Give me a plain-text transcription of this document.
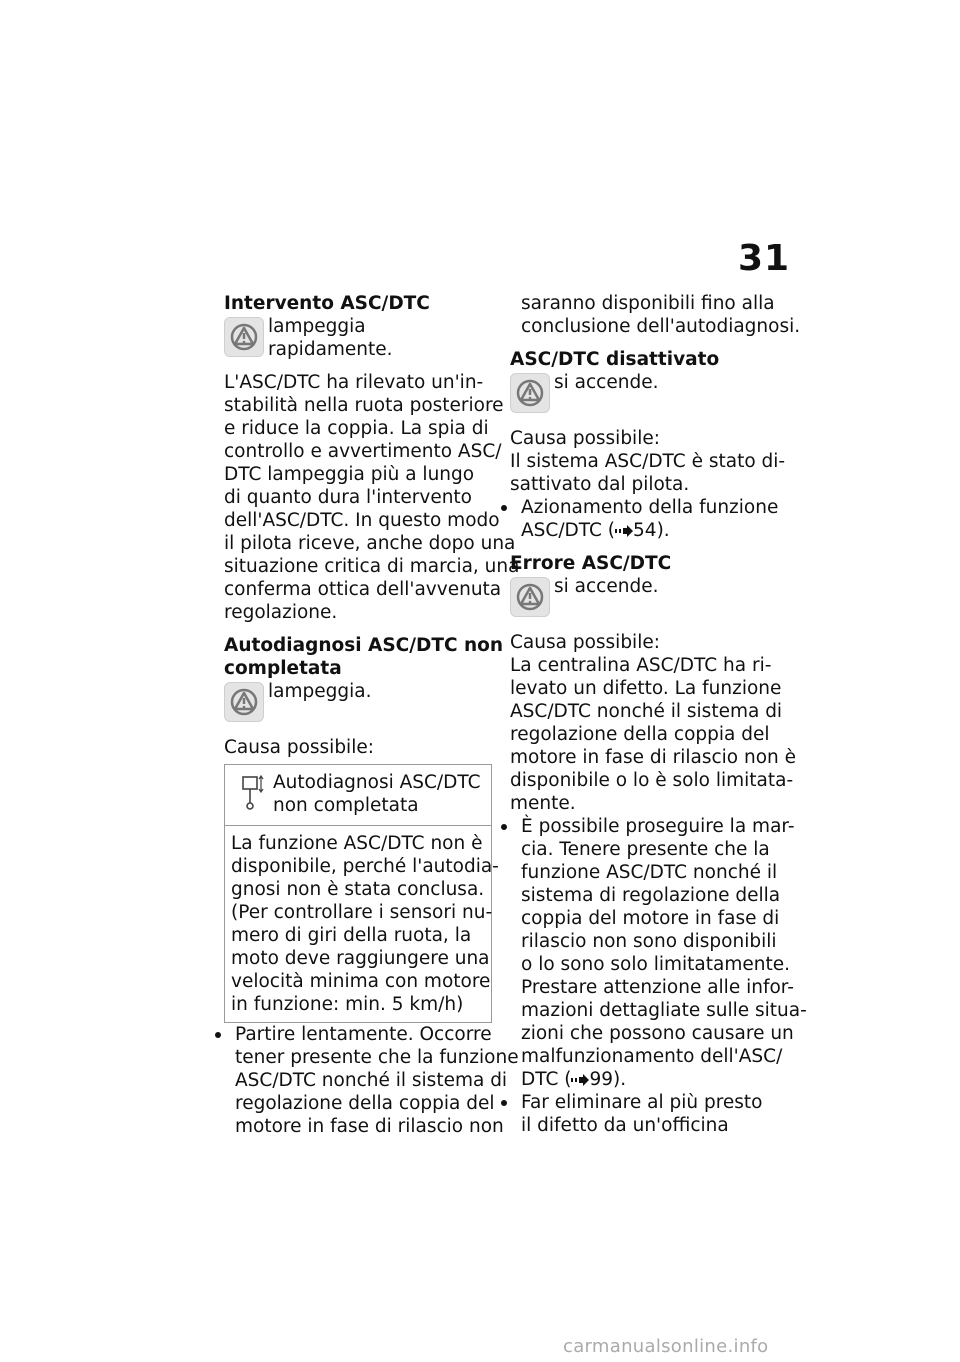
31
Intervento ASC/DTC
lampeggia rapidamente.
L'ASC/DTC ha rilevato un'in-
stabilità nella ruota posteriore
e riduce la coppia. La spia di
controllo e avvertimento ASC/
DTC lampeggia più a lungo
di quanto dura l'intervento
dell'ASC/DTC. In questo modo
il pilota riceve, anche dopo una
situazione critica di marcia, una
conferma ottica dell'avvenuta
regolazione.
Autodiagnosi ASC/DTC non
completata
lampeggia.
Causa possibile:
Autodiagnosi ASC/DTC
non completata
La funzione ASC/DTC non è
disponibile, perché l'autodia-
gnosi non è stata conclusa.
(Per controllare i sensori nu-
mero di giri della ruota, la
moto deve raggiungere una
velocità minima con motore
in funzione: min. 5 km/h)
Partire lentamente. Occorre
tener presente che la funzione
ASC/DTC nonché il sistema di
regolazione della coppia del
motore in fase di rilascio non
saranno disponibili fino alla
conclusione dell'autodiagnosi.
ASC/DTC disattivato
si accende.
Causa possibile:
Il sistema ASC/DTC è stato di-
sattivato dal pilota.
Azionamento della funzione
ASC/DTC ( 54).
Errore ASC/DTC
si accende.
Causa possibile:
La centralina ASC/DTC ha ri-
levato un difetto. La funzione
ASC/DTC nonché il sistema di
regolazione della coppia del
motore in fase di rilascio non è
disponibile o lo è solo limitata-
mente.
È possibile proseguire la mar-
cia. Tenere presente che la
funzione ASC/DTC nonché il
sistema di regolazione della
coppia del motore in fase di
rilascio non sono disponibili
o lo sono solo limitatamente.
Prestare attenzione alle infor-
mazioni dettagliate sulle situa-
zioni che possono causare un
malfunzionamento dell'ASC/
DTC ( 99).
Far eliminare al più presto
il difetto da un'officina
carmanualsonline.info
